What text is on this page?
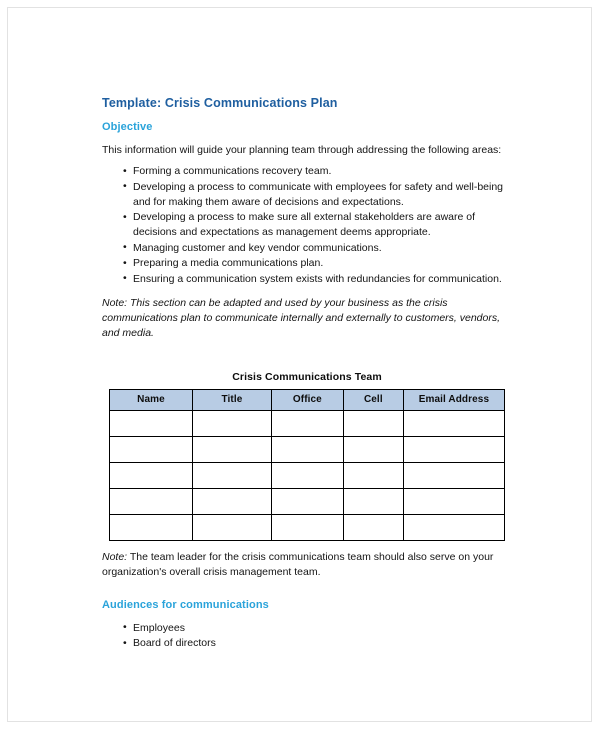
Template: Crisis Communications Plan
Objective

This information will guide your planning team through addressing the following areas:

• Forming a communications recovery team.
• Developing a process to communicate with employees for safety and well-being and for making them aware of decisions and expectations.
• Developing a process to make sure all external stakeholders are aware of decisions and expectations as management deems appropriate.
• Managing customer and key vendor communications.
• Preparing a media communications plan.
• Ensuring a communication system exists with redundancies for communication.

Note: This section can be adapted and used by your business as the crisis communications plan to communicate internally and externally to customers, vendors, and media.

Crisis Communications Team
Name	Title	Office	Cell	Email Address

Note: The team leader for the crisis communications team should also serve on your organization's overall crisis management team.

Audiences for communications
• Employees
• Board of directors
